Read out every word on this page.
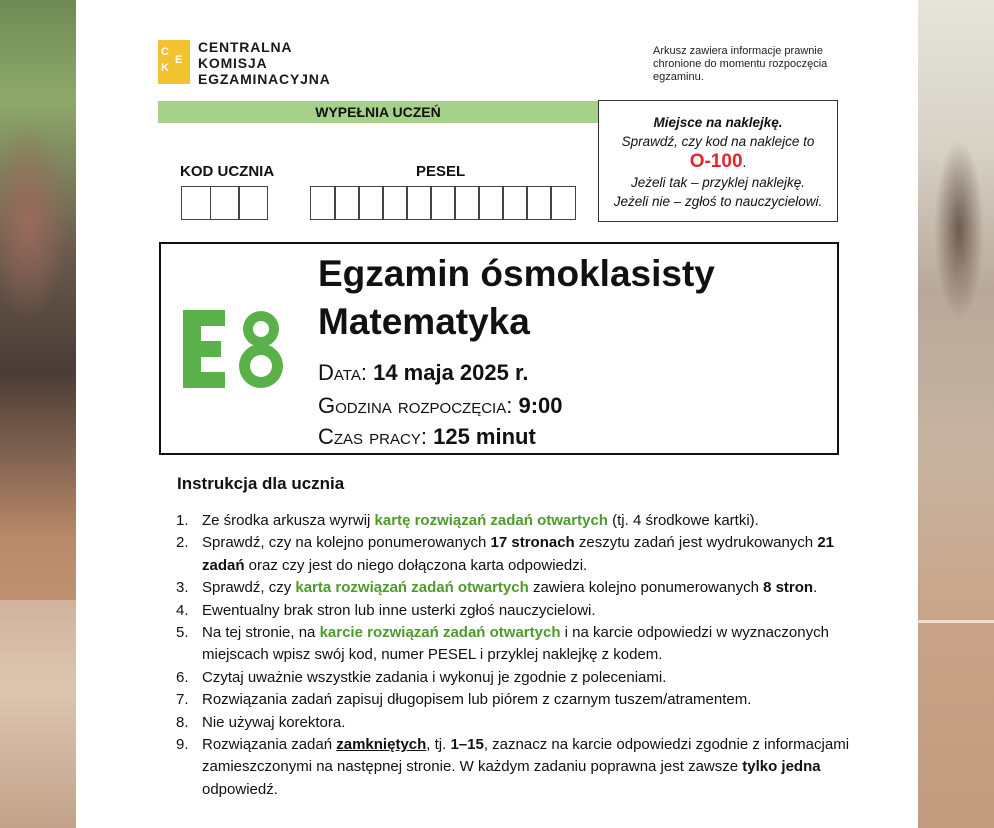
C
K
E
CENTRALNA
KOMISJA
EGZAMINACYJNA
Arkusz zawiera informacje prawnie chronione do momentu rozpoczęcia egzaminu.
WYPEŁNIA UCZEŃ
KOD UCZNIA	PESEL
Miejsce na naklejkę.
Sprawdź, czy kod na naklejce to
O-100.
Jeżeli tak – przyklej naklejkę.
Jeżeli nie – zgłoś to nauczycielowi.
Egzamin ósmoklasisty
Matematyka
Data: 14 maja 2025 r.
Godzina rozpoczęcia: 9:00
Czas pracy: 125 minut
Instrukcja dla ucznia
1. Ze środka arkusza wyrwij kartę rozwiązań zadań otwartych (tj. 4 środkowe kartki).
2. Sprawdź, czy na kolejno ponumerowanych 17 stronach zeszytu zadań jest wydrukowanych 21 zadań oraz czy jest do niego dołączona karta odpowiedzi.
3. Sprawdź, czy karta rozwiązań zadań otwartych zawiera kolejno ponumerowanych 8 stron.
4. Ewentualny brak stron lub inne usterki zgłoś nauczycielowi.
5. Na tej stronie, na karcie rozwiązań zadań otwartych i na karcie odpowiedzi w wyznaczonych miejscach wpisz swój kod, numer PESEL i przyklej naklejkę z kodem.
6. Czytaj uważnie wszystkie zadania i wykonuj je zgodnie z poleceniami.
7. Rozwiązania zadań zapisuj długopisem lub piórem z czarnym tuszem/atramentem.
8. Nie używaj korektora.
9. Rozwiązania zadań zamkniętych, tj. 1–15, zaznacz na karcie odpowiedzi zgodnie z informacjami zamieszczonymi na następnej stronie. W każdym zadaniu poprawna jest zawsze tylko jedna odpowiedź.
